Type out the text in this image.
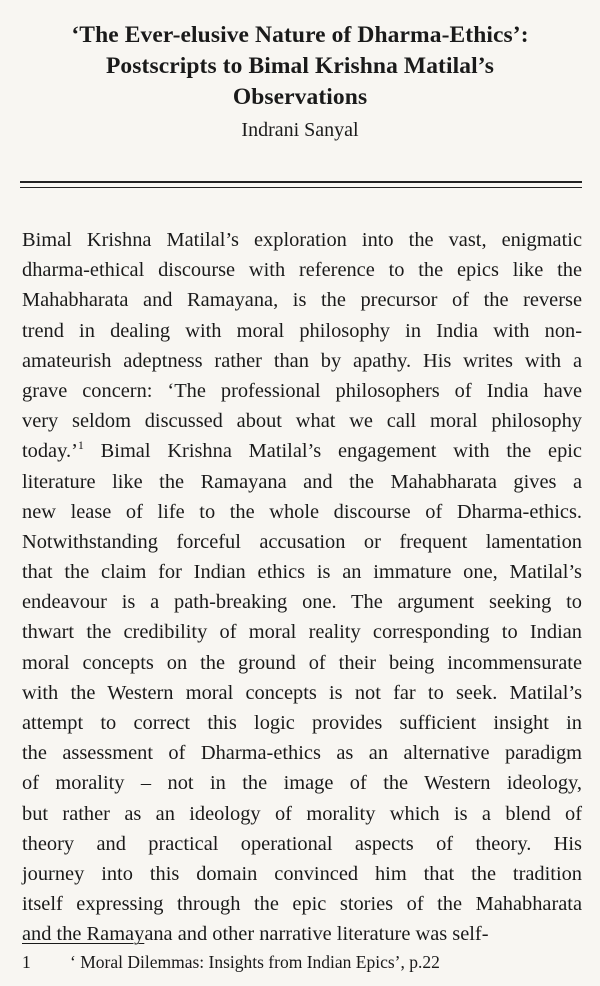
‘The Ever-elusive Nature of Dharma-Ethics’:
Postscripts to Bimal Krishna Matilal’s
Observations
Indrani Sanyal
Bimal Krishna Matilal’s exploration into the vast, enigmatic
dharma-ethical discourse with reference to the epics like the
Mahabharata and Ramayana, is the precursor of the reverse
trend in dealing with moral philosophy in India with non-
amateurish adeptness rather than by apathy. His writes with a
grave concern: ‘The professional philosophers of India have
very seldom discussed about what we call moral philosophy
today.’$^1$ Bimal Krishna Matilal’s engagement with the epic
literature like the Ramayana and the Mahabharata gives a
new lease of life to the whole discourse of Dharma-ethics.
Notwithstanding forceful accusation or frequent lamentation
that the claim for Indian ethics is an immature one, Matilal’s
endeavour is a path-breaking one. The argument seeking to
thwart the credibility of moral reality corresponding to Indian
moral concepts on the ground of their being incommensurate
with the Western moral concepts is not far to seek. Matilal’s
attempt to correct this logic provides sufficient insight in
the assessment of Dharma-ethics as an alternative paradigm
of morality – not in the image of the Western ideology,
but rather as an ideology of morality which is a blend of
theory and practical operational aspects of theory. His
journey into this domain convinced him that the tradition
itself expressing through the epic stories of the Mahabharata
and the Ramayana and other narrative literature was self-
1 ‘ Moral Dilemmas: Insights from Indian Epics’, p.22
